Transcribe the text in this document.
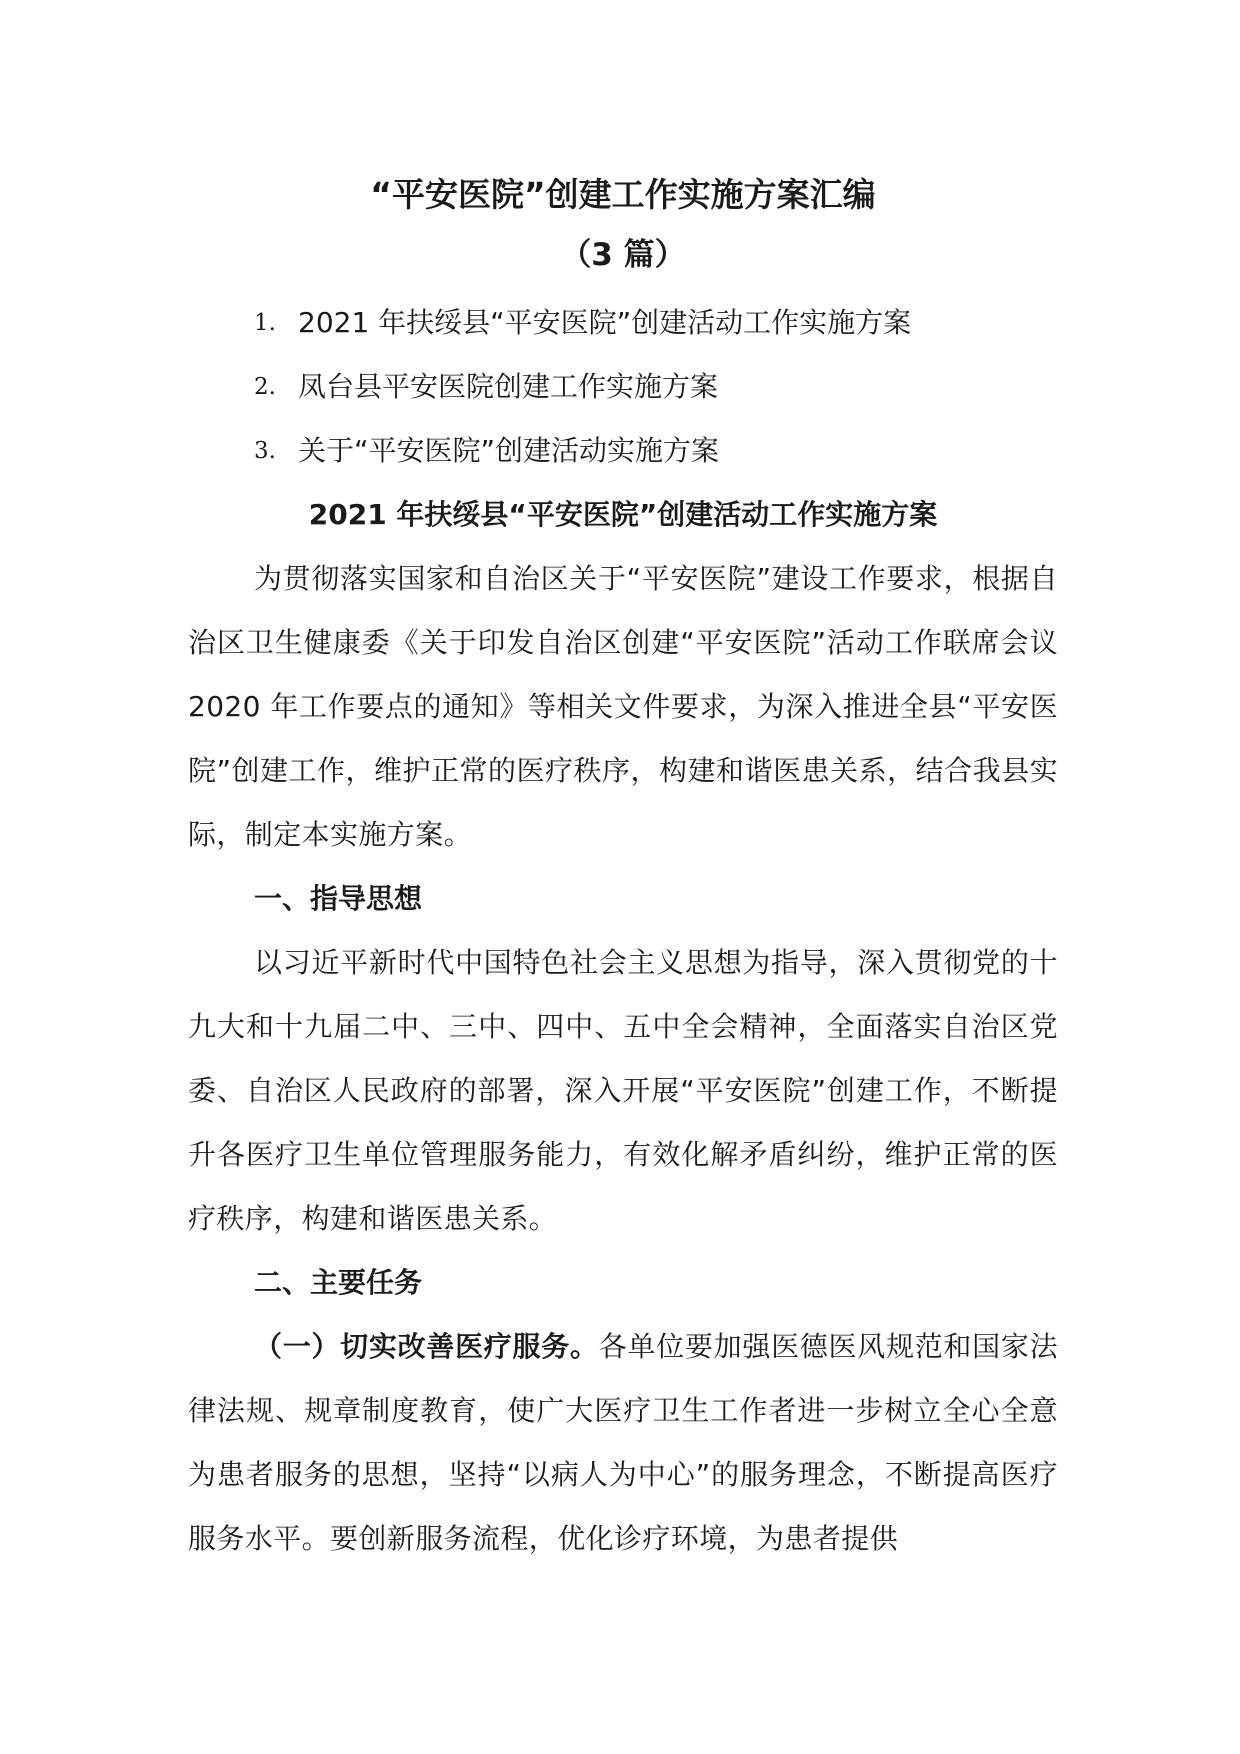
“平安医院”创建工作实施方案汇编
（3 篇）
1. 2021 年扶绥县“平安医院”创建活动工作实施方案
2. 凤台县平安医院创建工作实施方案
3. 关于“平安医院”创建活动实施方案
2021 年扶绥县“平安医院”创建活动工作实施方案

为贯彻落实国家和自治区关于“平安医院”建设工作要求，根据自治区卫生健康委《关于印发自治区创建“平安医院”活动工作联席会议 2020 年工作要点的通知》等相关文件要求，为深入推进全县“平安医院”创建工作，维护正常的医疗秩序，构建和谐医患关系，结合我县实际，制定本实施方案。

一、指导思想

以习近平新时代中国特色社会主义思想为指导，深入贯彻党的十九大和十九届二中、三中、四中、五中全会精神，全面落实自治区党委、自治区人民政府的部署，深入开展“平安医院”创建工作，不断提升各医疗卫生单位管理服务能力，有效化解矛盾纠纷，维护正常的医疗秩序，构建和谐医患关系。

二、主要任务

（一）切实改善医疗服务。各单位要加强医德医风规范和国家法律法规、规章制度教育，使广大医疗卫生工作者进一步树立全心全意为患者服务的思想，坚持“以病人为中心”的服务理念，不断提高医疗服务水平。要创新服务流程，优化诊疗环境，为患者提供
